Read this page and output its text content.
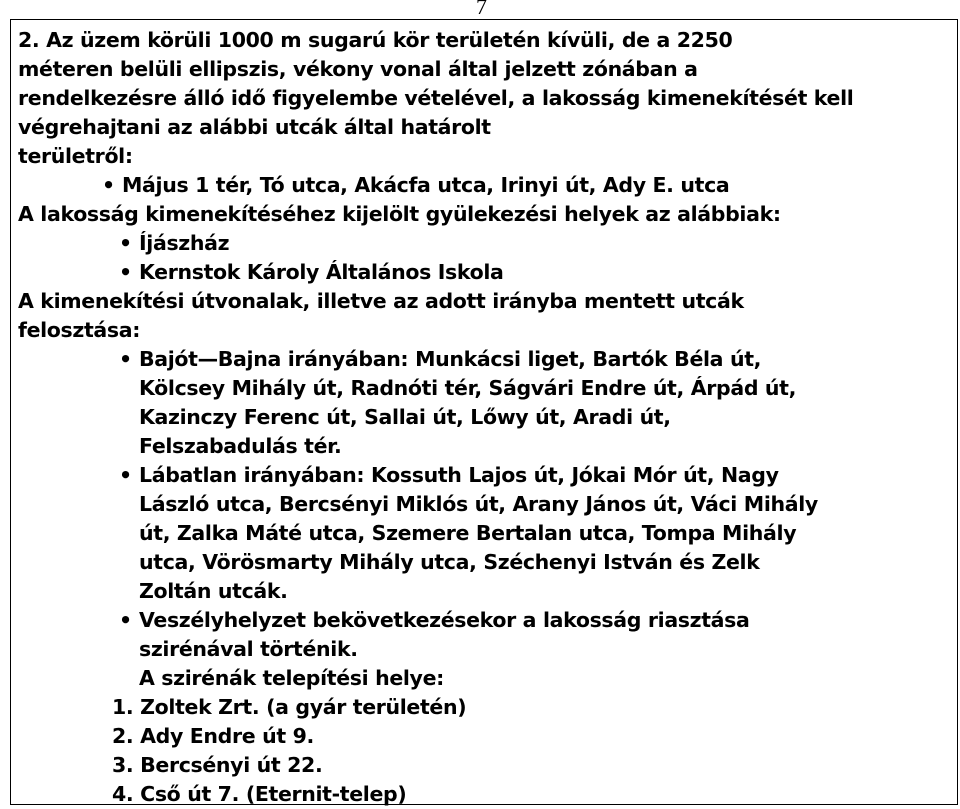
7
2. Az üzem körüli 1000 m sugarú kör területén kívüli, de a 2250
méteren belüli ellipszis, vékony vonal által jelzett zónában a
rendelkezésre álló idő figyelembe vételével, a lakosság kimenekítését kell
végrehajtani az alábbi utcák által határolt
területről:
• Május 1 tér, Tó utca, Akácfa utca, Irinyi út, Ady E. utca
A lakosság kimenekítéséhez kijelölt gyülekezési helyek az alábbiak:
• Íjászház
• Kernstok Károly Általános Iskola
A kimenekítési útvonalak, illetve az adott irányba mentett utcák
felosztása:
• Bajót—Bajna irányában: Munkácsi liget, Bartók Béla út,
Kölcsey Mihály út, Radnóti tér, Ságvári Endre út, Árpád út,
Kazinczy Ferenc út, Sallai út, Lőwy út, Aradi út,
Felszabadulás tér.
• Lábatlan irányában: Kossuth Lajos út, Jókai Mór út, Nagy
László utca, Bercsényi Miklós út, Arany János út, Váci Mihály
út, Zalka Máté utca, Szemere Bertalan utca, Tompa Mihály
utca, Vörösmarty Mihály utca, Széchenyi István és Zelk
Zoltán utcák.
• Veszélyhelyzet bekövetkezésekor a lakosság riasztása
szirénával történik.
A szirénák telepítési helye:
1. Zoltek Zrt. (a gyár területén)
2. Ady Endre út 9.
3. Bercsényi út 22.
4. Cső út 7. (Eternit-telep)
